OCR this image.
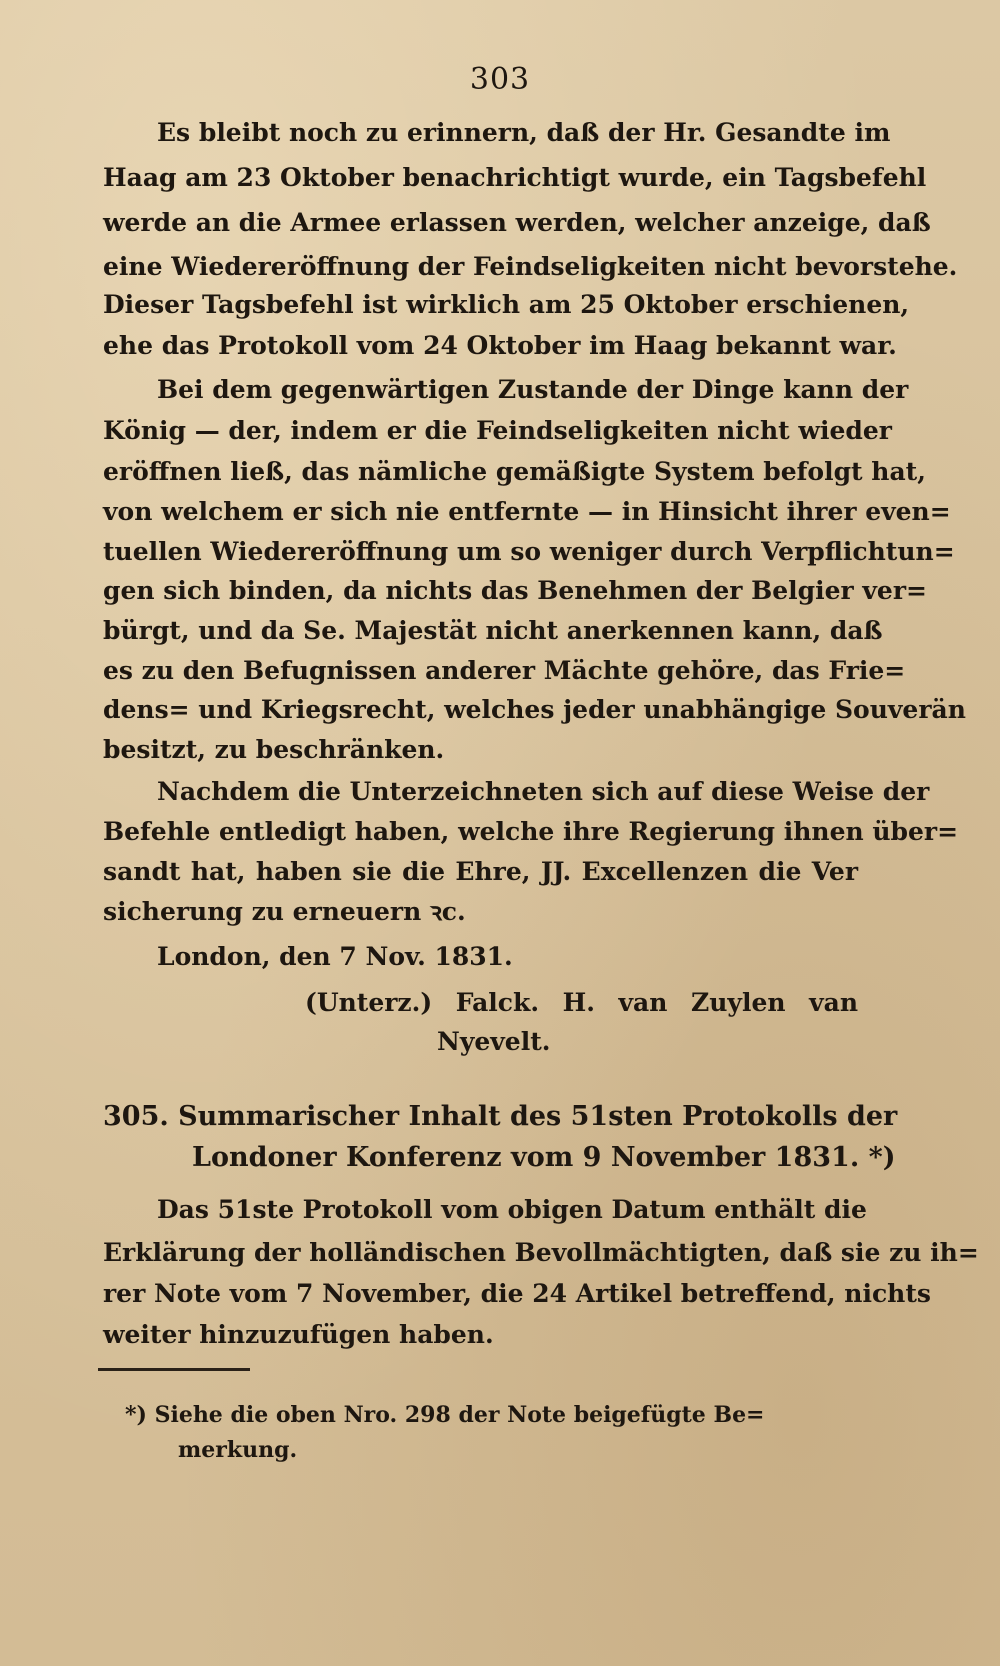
303
Es bleibt noch zu erinnern, daß der Hr. Gesandte im
Haag am 23 Oktober benachrichtigt wurde, ein Tagsbefehl
werde an die Armee erlassen werden, welcher anzeige, daß
eine Wiedereröffnung der Feindseligkeiten nicht bevorstehe.
Dieser Tagsbefehl ist wirklich am 25 Oktober erschienen,
ehe das Protokoll vom 24 Oktober im Haag bekannt war.
Bei dem gegenwärtigen Zustande der Dinge kann der
König — der, indem er die Feindseligkeiten nicht wieder
eröffnen ließ, das nämliche gemäßigte System befolgt hat,
von welchem er sich nie entfernte — in Hinsicht ihrer even=
tuellen Wiedereröffnung um so weniger durch Verpflichtun=
gen sich binden, da nichts das Benehmen der Belgier ver=
bürgt, und da Se. Majestät nicht anerkennen kann, daß
es zu den Befugnissen anderer Mächte gehöre, das Frie=
dens= und Kriegsrecht, welches jeder unabhängige Souverän
besitzt, zu beschränken.
Nachdem die Unterzeichneten sich auf diese Weise der
Befehle entledigt haben, welche ihre Regierung ihnen über=
sandt hat, haben sie die Ehre, JJ. Excellenzen die Ver
sicherung zu erneuern ꝛc.
London, den 7 Nov. 1831.
(Unterz.) Falck. H. van Zuylen van
Nyevelt.
305. Summarischer Inhalt des 51sten Protokolls der
Londoner Konferenz vom 9 November 1831. *)
Das 51ste Protokoll vom obigen Datum enthält die
Erklärung der holländischen Bevollmächtigten, daß sie zu ih=
rer Note vom 7 November, die 24 Artikel betreffend, nichts
weiter hinzuzufügen haben.
*) Siehe die oben Nro. 298 der Note beigefügte Be=
merkung.
